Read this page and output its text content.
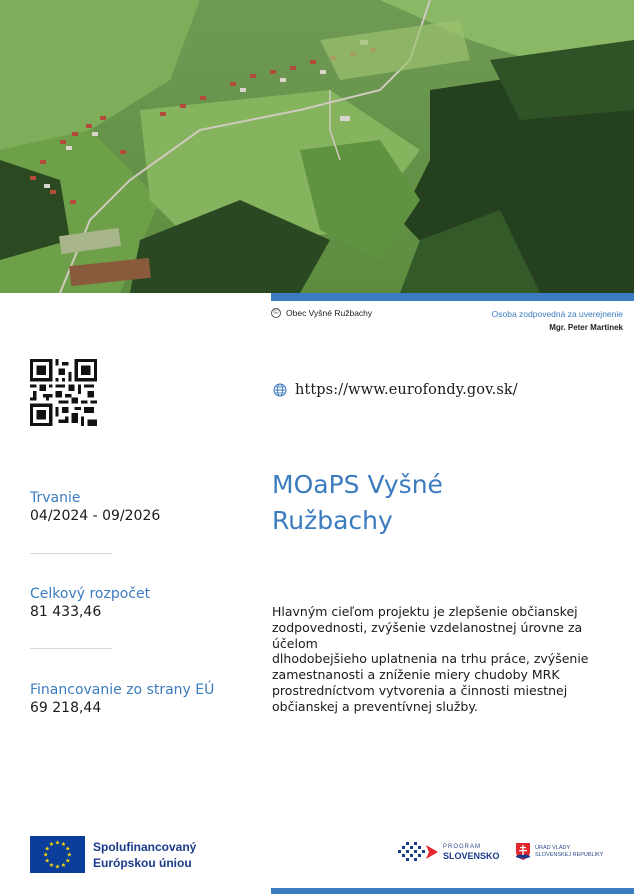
© Obec Vyšné Ružbachy	Osoba zodpovedná za uverejnenie
Mgr. Peter Martinek
https://www.eurofondy.gov.sk/
Trvanie
04/2024 - 09/2026
Celkový rozpočet
81 433,46
Financovanie zo strany EÚ
69 218,44
MOaPS Vyšné
Ružbachy
Hlavným cieľom projektu je zlepšenie občianskej
zodpovednosti, zvýšenie vzdelanostnej úrovne za
účelom
dlhodobejšieho uplatnenia na trhu práce, zvýšenie
zamestnanosti a zníženie miery chudoby MRK
prostredníctvom vytvorenia a činnosti miestnej
občianskej a preventívnej služby.
★ ★
★
★
★
★
★
★
★
★
★
★	Spolufinancovaný
Európskou úniou
PROGRAM
SLOVENSKO
ÚRAD VLÁDY
SLOVENSKEJ REPUBLIKY
